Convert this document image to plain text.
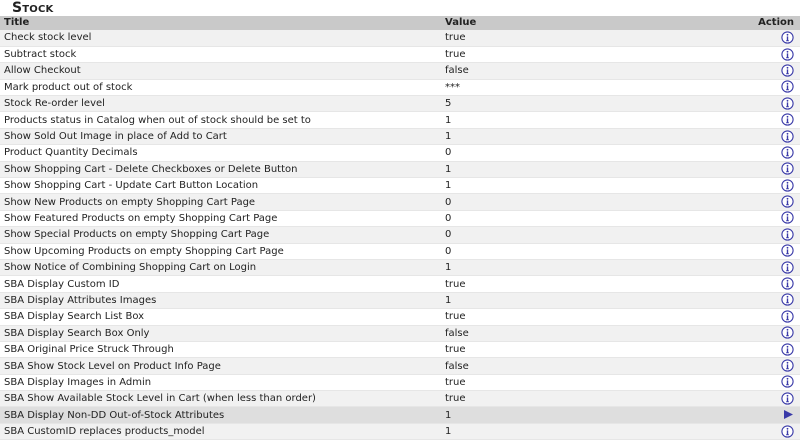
Stock
Title	Value	Action
Check stock level	true	
Subtract stock	true	
Allow Checkout	false	
Mark product out of stock	***	
Stock Re-order level	5	
Products status in Catalog when out of stock should be set to	1	
Show Sold Out Image in place of Add to Cart	1	
Product Quantity Decimals	0	
Show Shopping Cart - Delete Checkboxes or Delete Button	1	
Show Shopping Cart - Update Cart Button Location	1	
Show New Products on empty Shopping Cart Page	0	
Show Featured Products on empty Shopping Cart Page	0	
Show Special Products on empty Shopping Cart Page	0	
Show Upcoming Products on empty Shopping Cart Page	0	
Show Notice of Combining Shopping Cart on Login	1	
SBA Display Custom ID	true	
SBA Display Attributes Images	1	
SBA Display Search List Box	true	
SBA Display Search Box Only	false	
SBA Original Price Struck Through	true	
SBA Show Stock Level on Product Info Page	false	
SBA Display Images in Admin	true	
SBA Show Available Stock Level in Cart (when less than order)	true	
SBA Display Non-DD Out-of-Stock Attributes	1	
SBA CustomID replaces products_model	1	
